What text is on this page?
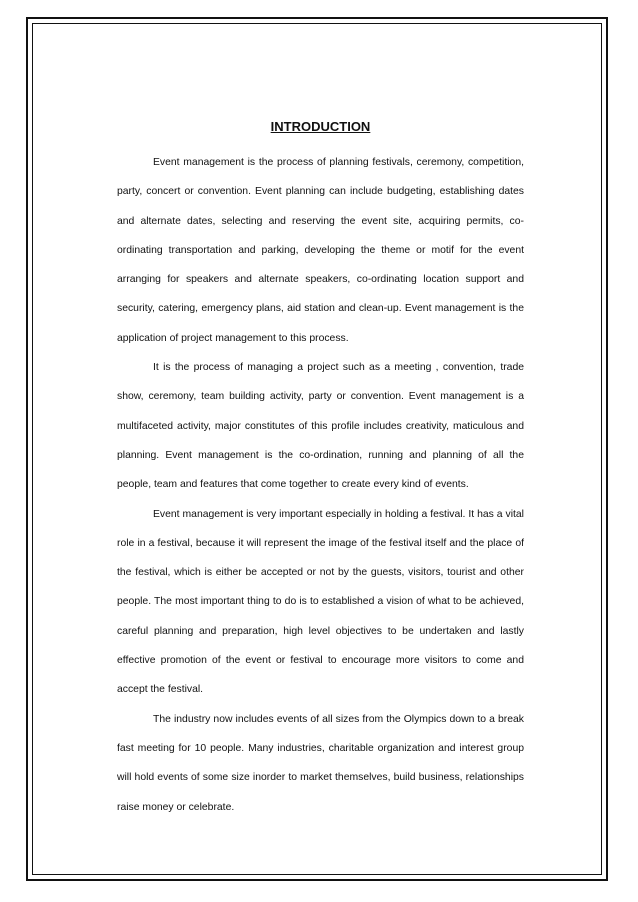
INTRODUCTION

Event management is the process of planning festivals, ceremony, competition, party, concert or convention. Event planning can include budgeting, establishing dates and alternate dates, selecting and reserving the event site, acquiring permits, co-ordinating transportation and parking, developing the theme or motif for the event arranging for speakers and alternate speakers, co-ordinating location support and security, catering, emergency plans, aid station and clean-up. Event management is the application of project management to this process.

It is the process of managing a project such as a meeting , convention, trade show, ceremony, team building activity, party or convention. Event management is a multifaceted activity, major constitutes of this profile includes creativity, maticulous and planning. Event management is the co-ordination, running and planning of all the people, team and features that come together to create every kind of events.

Event management is very important especially in holding a festival. It has a vital role in a festival, because it will represent the image of the festival itself and the place of the festival, which is either be accepted or not by the guests, visitors, tourist and other people. The most important thing to do is to established a vision of what to be achieved, careful planning and preparation, high level objectives to be undertaken and lastly effective promotion of the event or festival to encourage more visitors to come and accept the festival.

The industry now includes events of all sizes from the Olympics down to a break fast meeting for 10 people. Many industries, charitable organization and interest group will hold events of some size inorder to market themselves, build business, relationships raise money or celebrate.
